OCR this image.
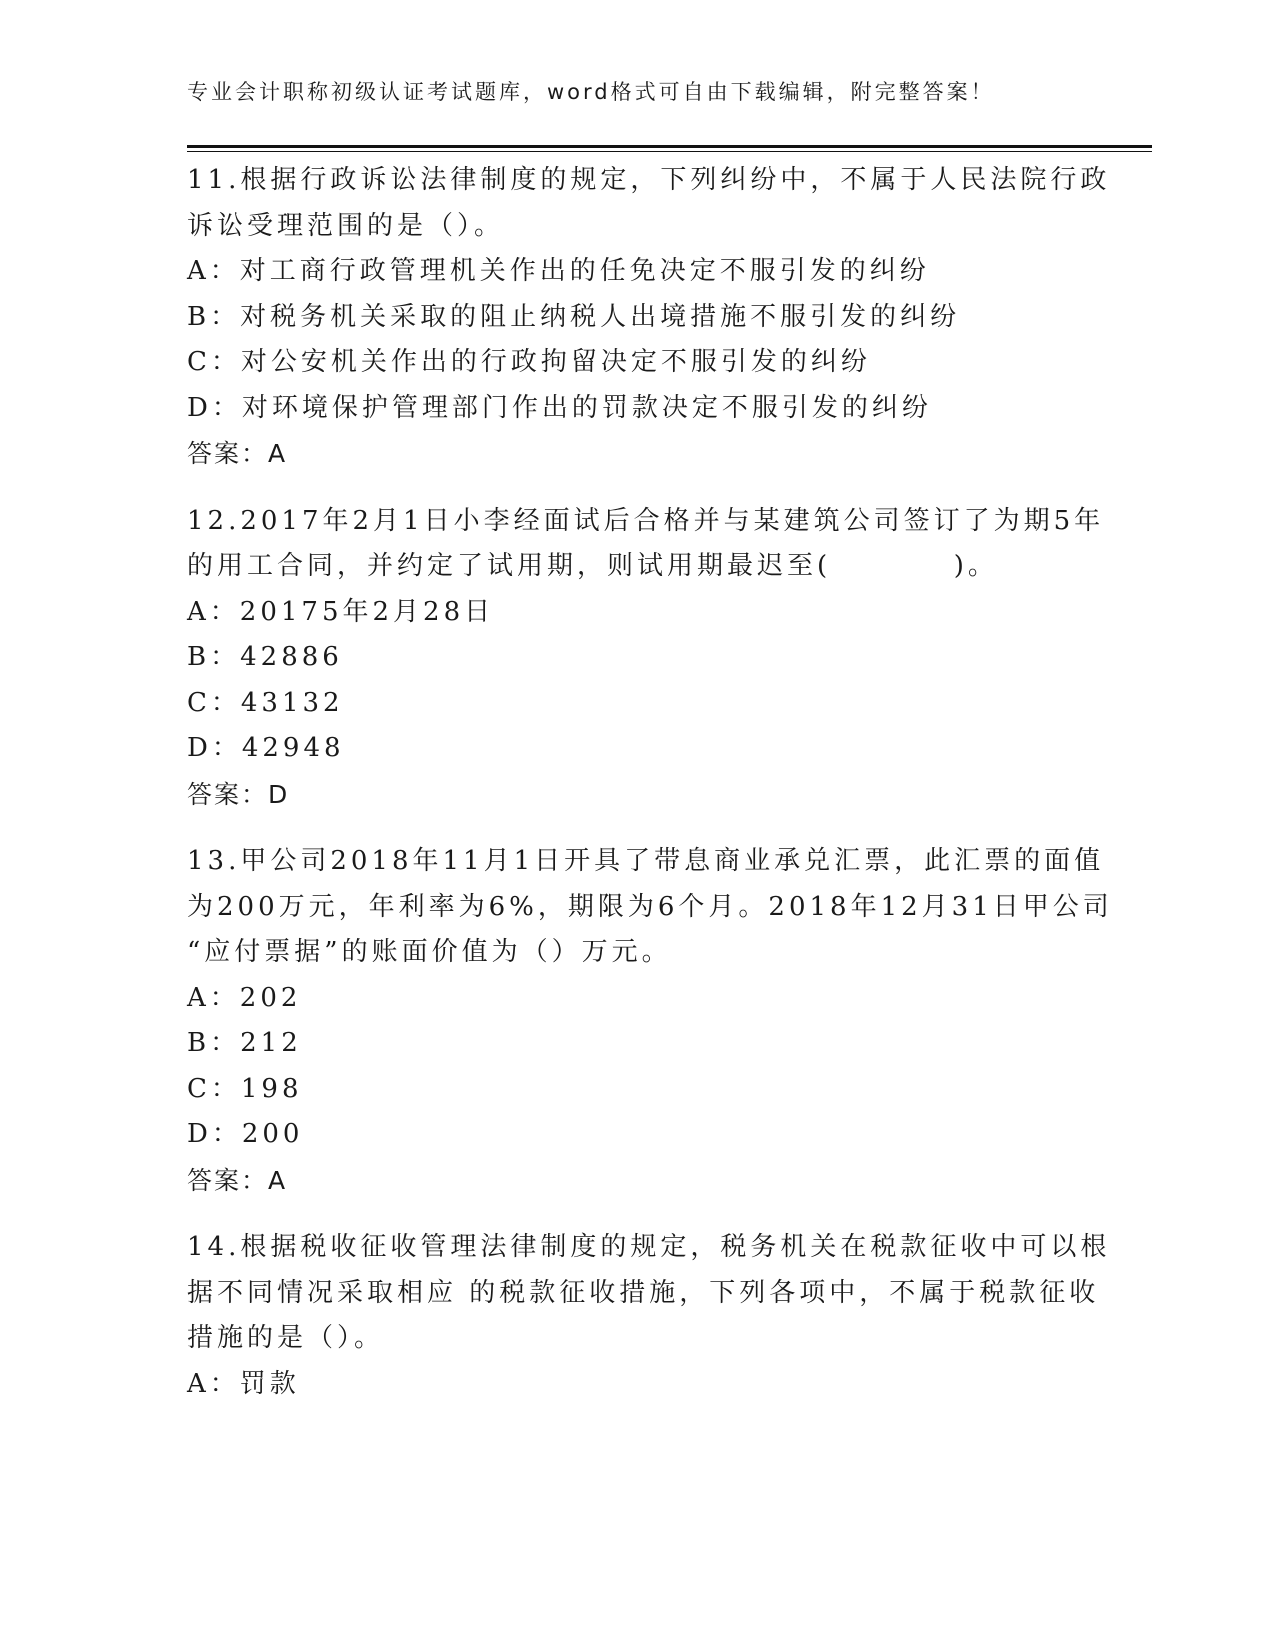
专业会计职称初级认证考试题库，word格式可自由下载编辑，附完整答案！
11.根据行政诉讼法律制度的规定，下列纠纷中，不属于人民法院行政
诉讼受理范围的是（）。
A：对工商行政管理机关作出的任免决定不服引发的纠纷
B：对税务机关采取的阻止纳税人出境措施不服引发的纠纷
C：对公安机关作出的行政拘留决定不服引发的纠纷
D：对环境保护管理部门作出的罚款决定不服引发的纠纷
答案：A
12.2017年2月1日小李经面试后合格并与某建筑公司签订了为期5年
的用工合同，并约定了试用期，则试用期最迟至(          )。
A：20175年2月28日
B：42886
C：43132
D：42948
答案：D
13.甲公司2018年11月1日开具了带息商业承兑汇票，此汇票的面值
为200万元，年利率为6%，期限为6个月。2018年12月31日甲公司
“应付票据”的账面价值为（）万元。
A：202
B：212
C：198
D：200
答案：A
14.根据税收征收管理法律制度的规定，税务机关在税款征收中可以根
据不同情况采取相应 的税款征收措施，下列各项中，不属于税款征收
措施的是（）。
A：罚款
